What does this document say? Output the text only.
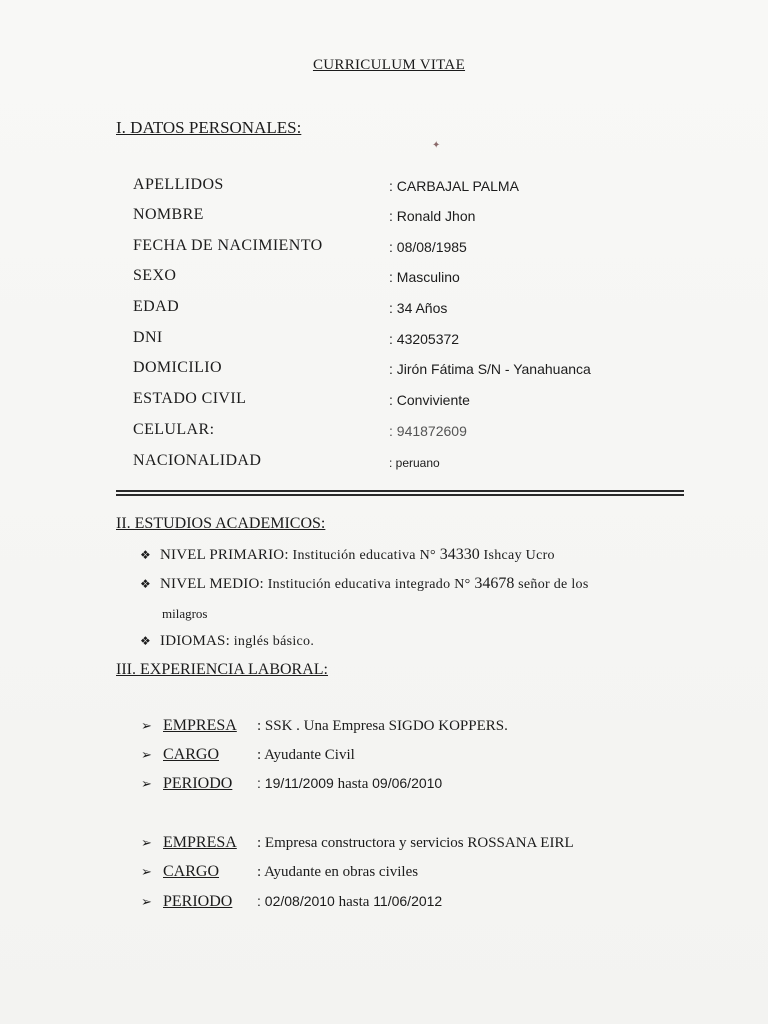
CURRICULUM VITAE
I. DATOS PERSONALES:
✦
APELLIDOS	: CARBAJAL PALMA
NOMBRE	: Ronald Jhon
FECHA DE NACIMIENTO	: 08/08/1985
SEXO	: Masculino
EDAD	: 34 Años
DNI	: 43205372
DOMICILIO	: Jirón Fátima S/N - Yanahuanca
ESTADO CIVIL	: Conviviente
CELULAR:	: 941872609
NACIONALIDAD	: peruano
II. ESTUDIOS ACADEMICOS:
❖ NIVEL PRIMARIO: Institución educativa N° 34330 Ishcay Ucro
❖ NIVEL MEDIO: Institución educativa integrado N° 34678 señor de los
milagros
❖ IDIOMAS: inglés básico.
III. EXPERIENCIA LABORAL:
➢ EMPRESA : SSK . Una Empresa SIGDO KOPPERS.
➢ CARGO	: Ayudante Civil
➢ PERIODO : 19/11/2009 hasta 09/06/2010
➢ EMPRESA : Empresa constructora y servicios ROSSANA EIRL
➢ CARGO	: Ayudante en obras civiles
➢ PERIODO : 02/08/2010 hasta 11/06/2012
